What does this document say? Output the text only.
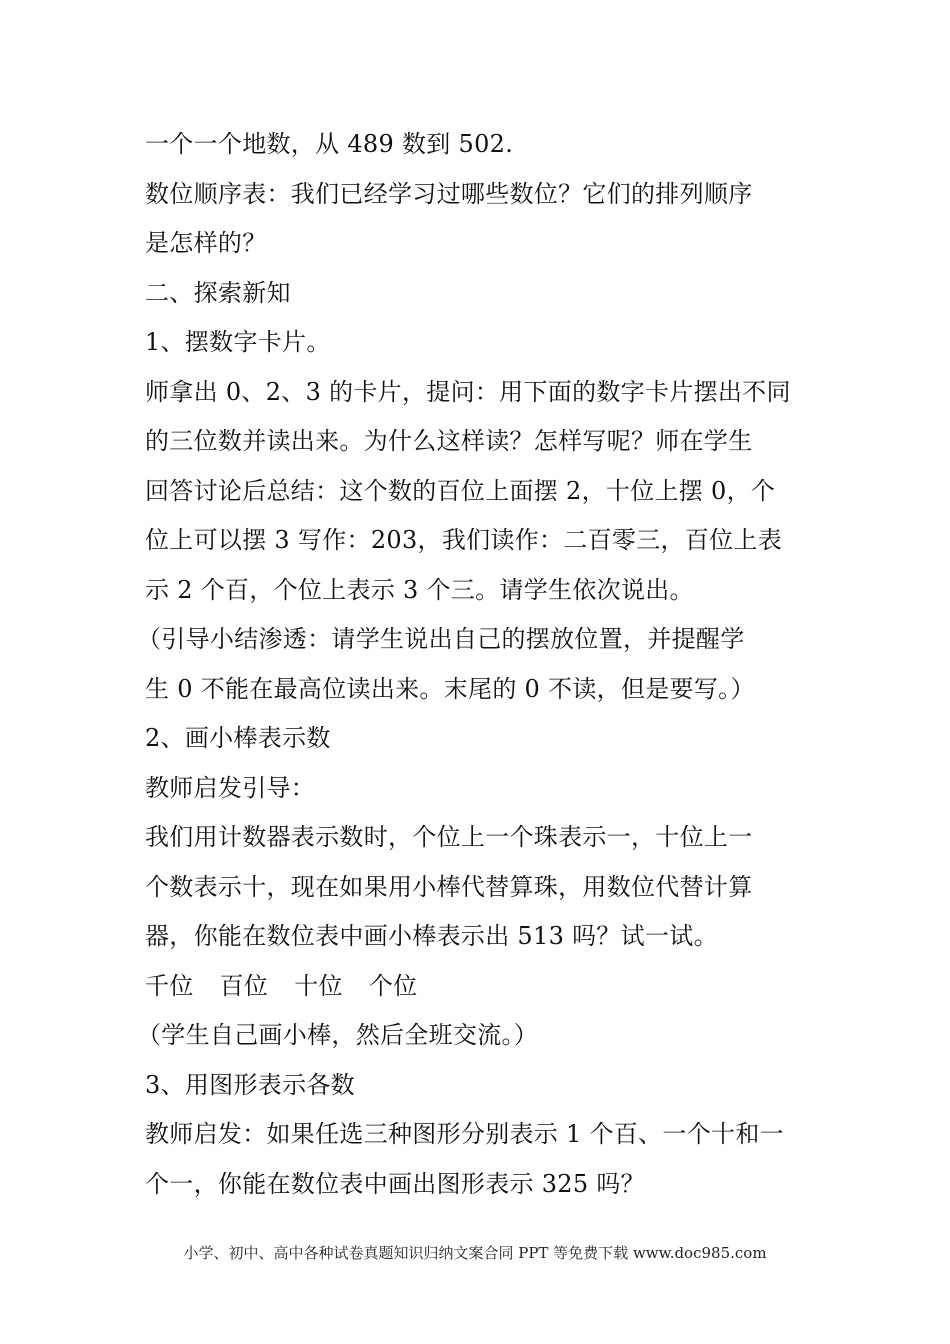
一个一个地数，从 489 数到 502.
数位顺序表：我们已经学习过哪些数位？它们的排列顺序
是怎样的？
二、探索新知
1、摆数字卡片。
师拿出 0、2、3 的卡片，提问：用下面的数字卡片摆出不同
的三位数并读出来。为什么这样读？怎样写呢？师在学生
回答讨论后总结：这个数的百位上面摆 2，十位上摆 0，个
位上可以摆 3 写作：203，我们读作：二百零三，百位上表
示 2 个百，个位上表示 3 个三。请学生依次说出。
（引导小结渗透：请学生说出自己的摆放位置，并提醒学
生 0 不能在最高位读出来。末尾的 0 不读，但是要写。）
2、画小棒表示数
教师启发引导：
我们用计数器表示数时，个位上一个珠表示一，十位上一
个数表示十，现在如果用小棒代替算珠，用数位代替计算
器，你能在数位表中画小棒表示出 513 吗？试一试。
千位 百位 十位 个位
（学生自己画小棒，然后全班交流。）
3、用图形表示各数
教师启发：如果任选三种图形分别表示 1 个百、一个十和一
个一，你能在数位表中画出图形表示 325 吗？
小学、初中、高中各种试卷真题知识归纳文案合同 PPT 等免费下载 www.doc985.com
